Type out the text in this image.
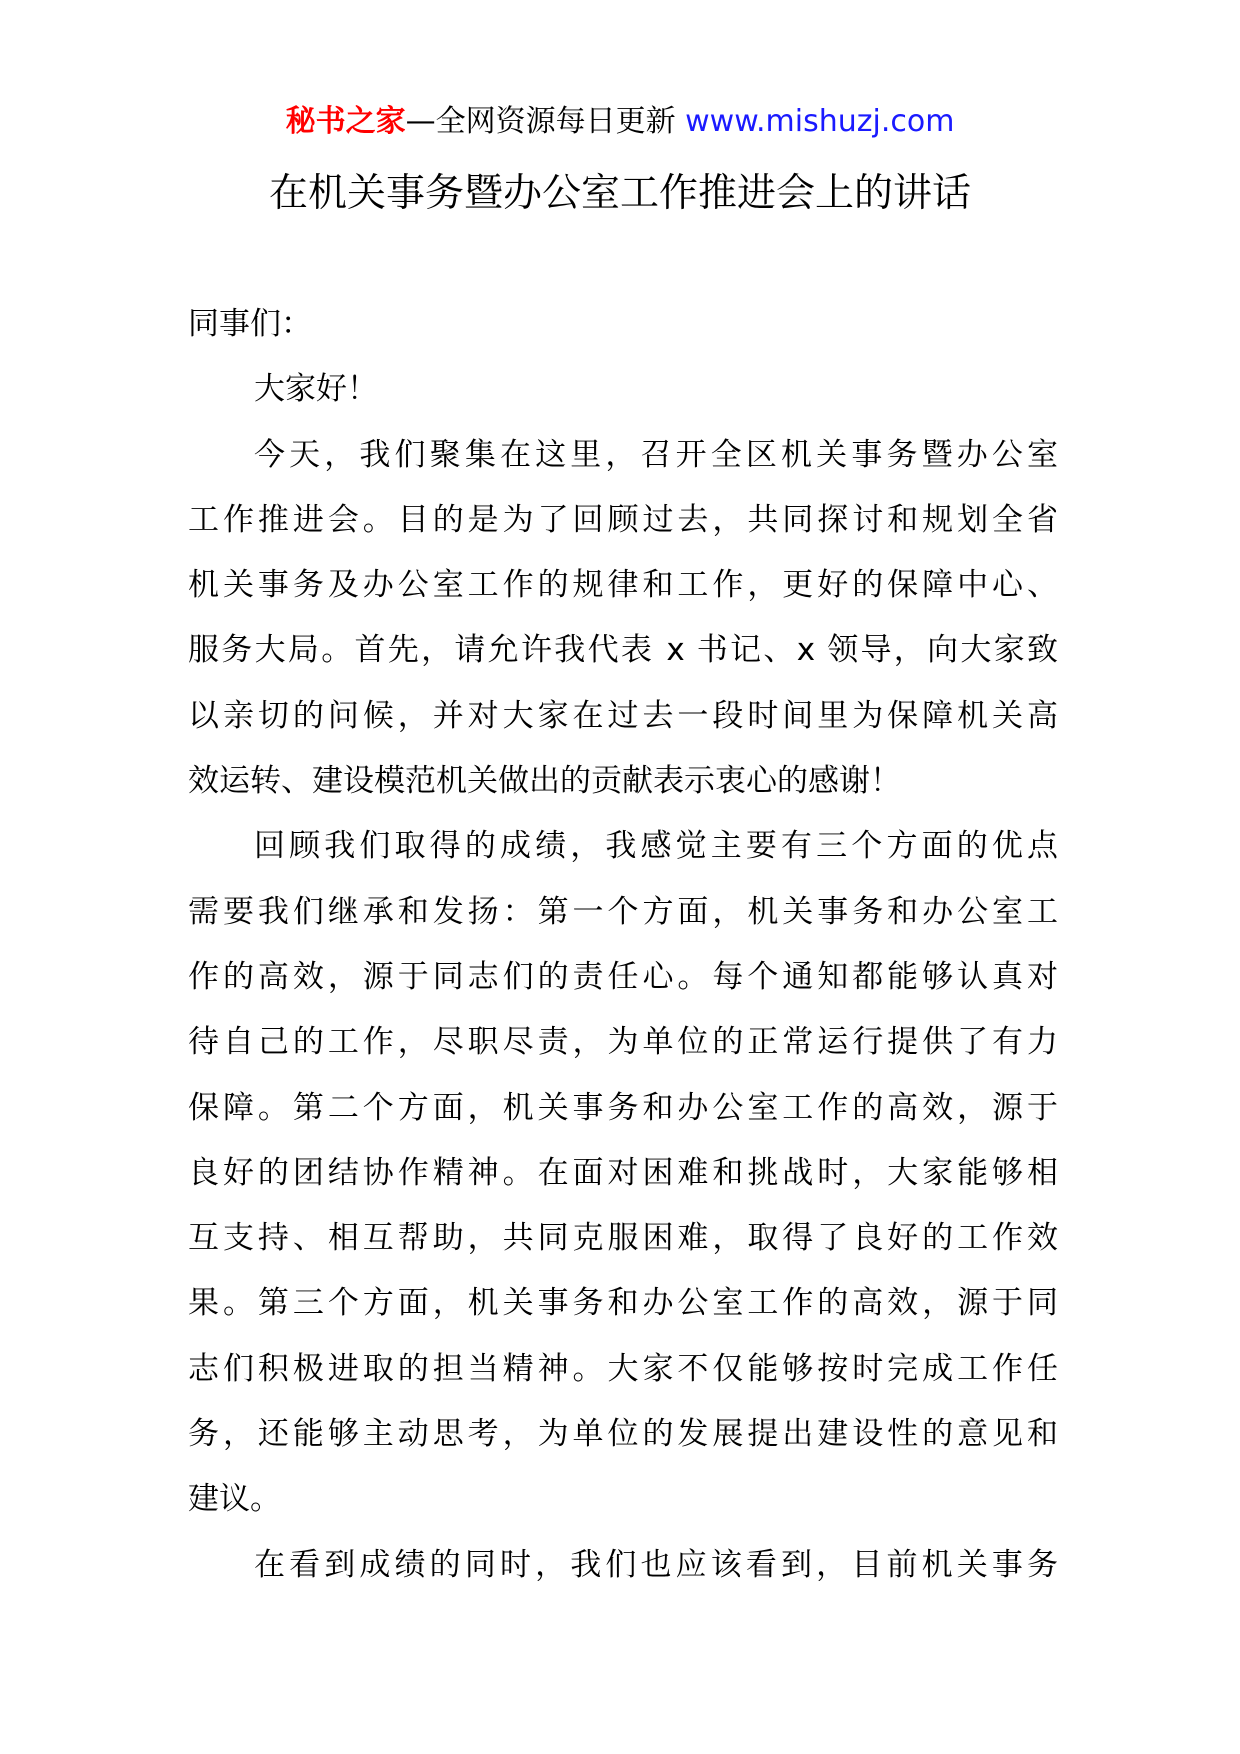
秘书之家—全网资源每日更新 www.mishuzj.com
在机关事务暨办公室工作推进会上的讲话
同事们：
大家好！
今天，我们聚集在这里，召开全区机关事务暨办公室
工作推进会。目的是为了回顾过去，共同探讨和规划全省
机关事务及办公室工作的规律和工作，更好的保障中心、
服务大局。首先，请允许我代表 x 书记、x 领导，向大家致
以亲切的问候，并对大家在过去一段时间里为保障机关高
效运转、建设模范机关做出的贡献表示衷心的感谢！
回顾我们取得的成绩，我感觉主要有三个方面的优点
需要我们继承和发扬：第一个方面，机关事务和办公室工
作的高效，源于同志们的责任心。每个通知都能够认真对
待自己的工作，尽职尽责，为单位的正常运行提供了有力
保障。第二个方面，机关事务和办公室工作的高效，源于
良好的团结协作精神。在面对困难和挑战时，大家能够相
互支持、相互帮助，共同克服困难，取得了良好的工作效
果。第三个方面，机关事务和办公室工作的高效，源于同
志们积极进取的担当精神。大家不仅能够按时完成工作任
务，还能够主动思考，为单位的发展提出建设性的意见和
建议。
在看到成绩的同时，我们也应该看到，目前机关事务
